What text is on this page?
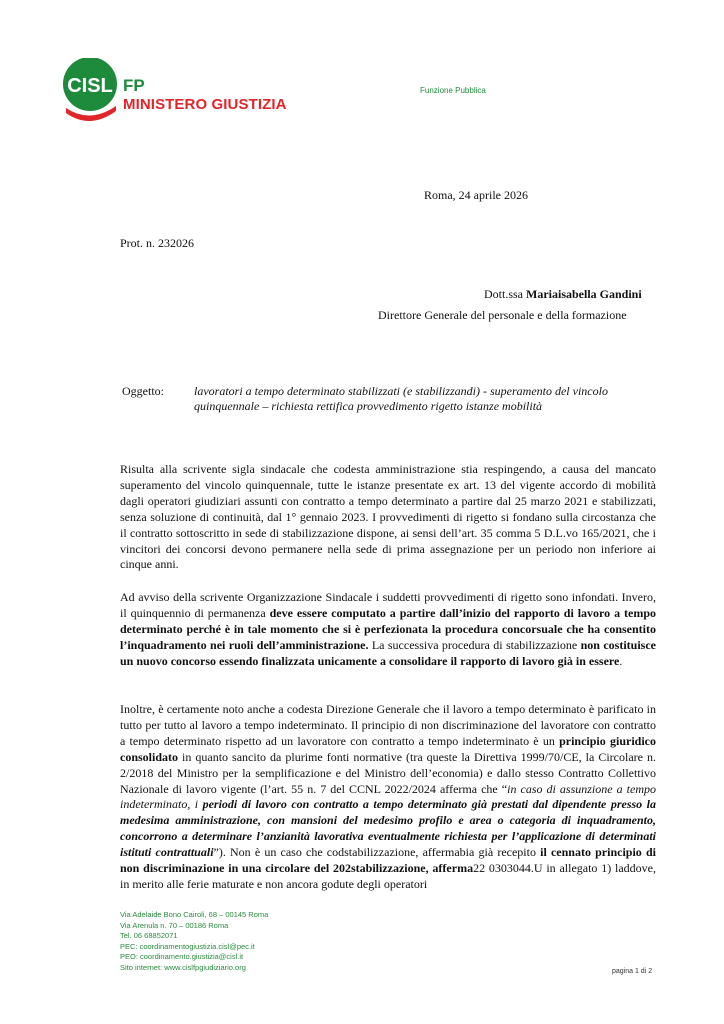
CISL FP
MINISTERO GIUSTIZIA
Funzione Pubblica
Roma, 24 aprile 2026
Prot. n. 232026
Dott.ssa Mariaisabella Gandini
Direttore Generale del personale e della formazione
Oggetto:	lavoratori a tempo determinato stabilizzati (e stabilizzandi) - superamento del vincolo quinquennale – richiesta rettifica provvedimento rigetto istanze mobilità
Risulta alla scrivente sigla sindacale che codesta amministrazione stia respingendo, a causa del mancato superamento del vincolo quinquennale, tutte le istanze presentate ex art. 13 del vigente accordo di mobilità dagli operatori giudiziari assunti con contratto a tempo determinato a partire dal 25 marzo 2021 e stabilizzati, senza soluzione di continuità, dal 1° gennaio 2023. I provvedimenti di rigetto si fondano sulla circostanza che il contratto sottoscritto in sede di stabilizzazione dispone, ai sensi dell’art. 35 comma 5 D.L.vo 165/2021, che i vincitori dei concorsi devono permanere nella sede di prima assegnazione per un periodo non inferiore ai cinque anni.
Ad avviso della scrivente Organizzazione Sindacale i suddetti provvedimenti di rigetto sono infondati. Invero, il quinquennio di permanenza deve essere computato a partire dall’inizio del rapporto di lavoro a tempo determinato perché è in tale momento che si è perfezionata la procedura concorsuale che ha consentito l’inquadramento nei ruoli dell’amministrazione. La successiva procedura di stabilizzazione non costituisce un nuovo concorso essendo finalizzata unicamente a consolidare il rapporto di lavoro già in essere.
Inoltre, è certamente noto anche a codesta Direzione Generale che il lavoro a tempo determinato è parificato in tutto per tutto al lavoro a tempo indeterminato. Il principio di non discriminazione del lavoratore con contratto a tempo determinato rispetto ad un lavoratore con contratto a tempo indeterminato è un principio giuridico consolidato in quanto sancito da plurime fonti normative (tra queste la Direttiva 1999/70/CE, la Circolare n. 2/2018 del Ministro per la semplificazione e del Ministro dell’economia) e dallo stesso Contratto Collettivo Nazionale di lavoro vigente (l’art. 55 n. 7 del CCNL 2022/2024 afferma che “in caso di assunzione a tempo indeterminato, i periodi di lavoro con contratto a tempo determinato già prestati dal dipendente presso la medesima amministrazione, con mansioni del medesimo profilo e area o categoria di inquadramento, concorrono a determinare l’anzianità lavorativa eventualmente richiesta per l’applicazione di determinati istituti contrattuali”). Non è un caso che codstabilizzazione, affermabia già recepito il cennato principio di non discriminazione in una circolare del 202stabilizzazione, afferma22 0303044.U in allegato 1) laddove, in merito alle ferie maturate e non ancora godute degli operatori
Via Adelaide Bono Cairoli, 68 – 00145 Roma
Via Arenula n. 70 – 00186 Roma
Tel. 06 68852071
PEC: coordinamentogiustizia.cisl@pec.it
PEO: coordinamento.giustizia@cisl.it
Sito internet: www.cislfpgiudiziario.org	pagina 1 di 2
